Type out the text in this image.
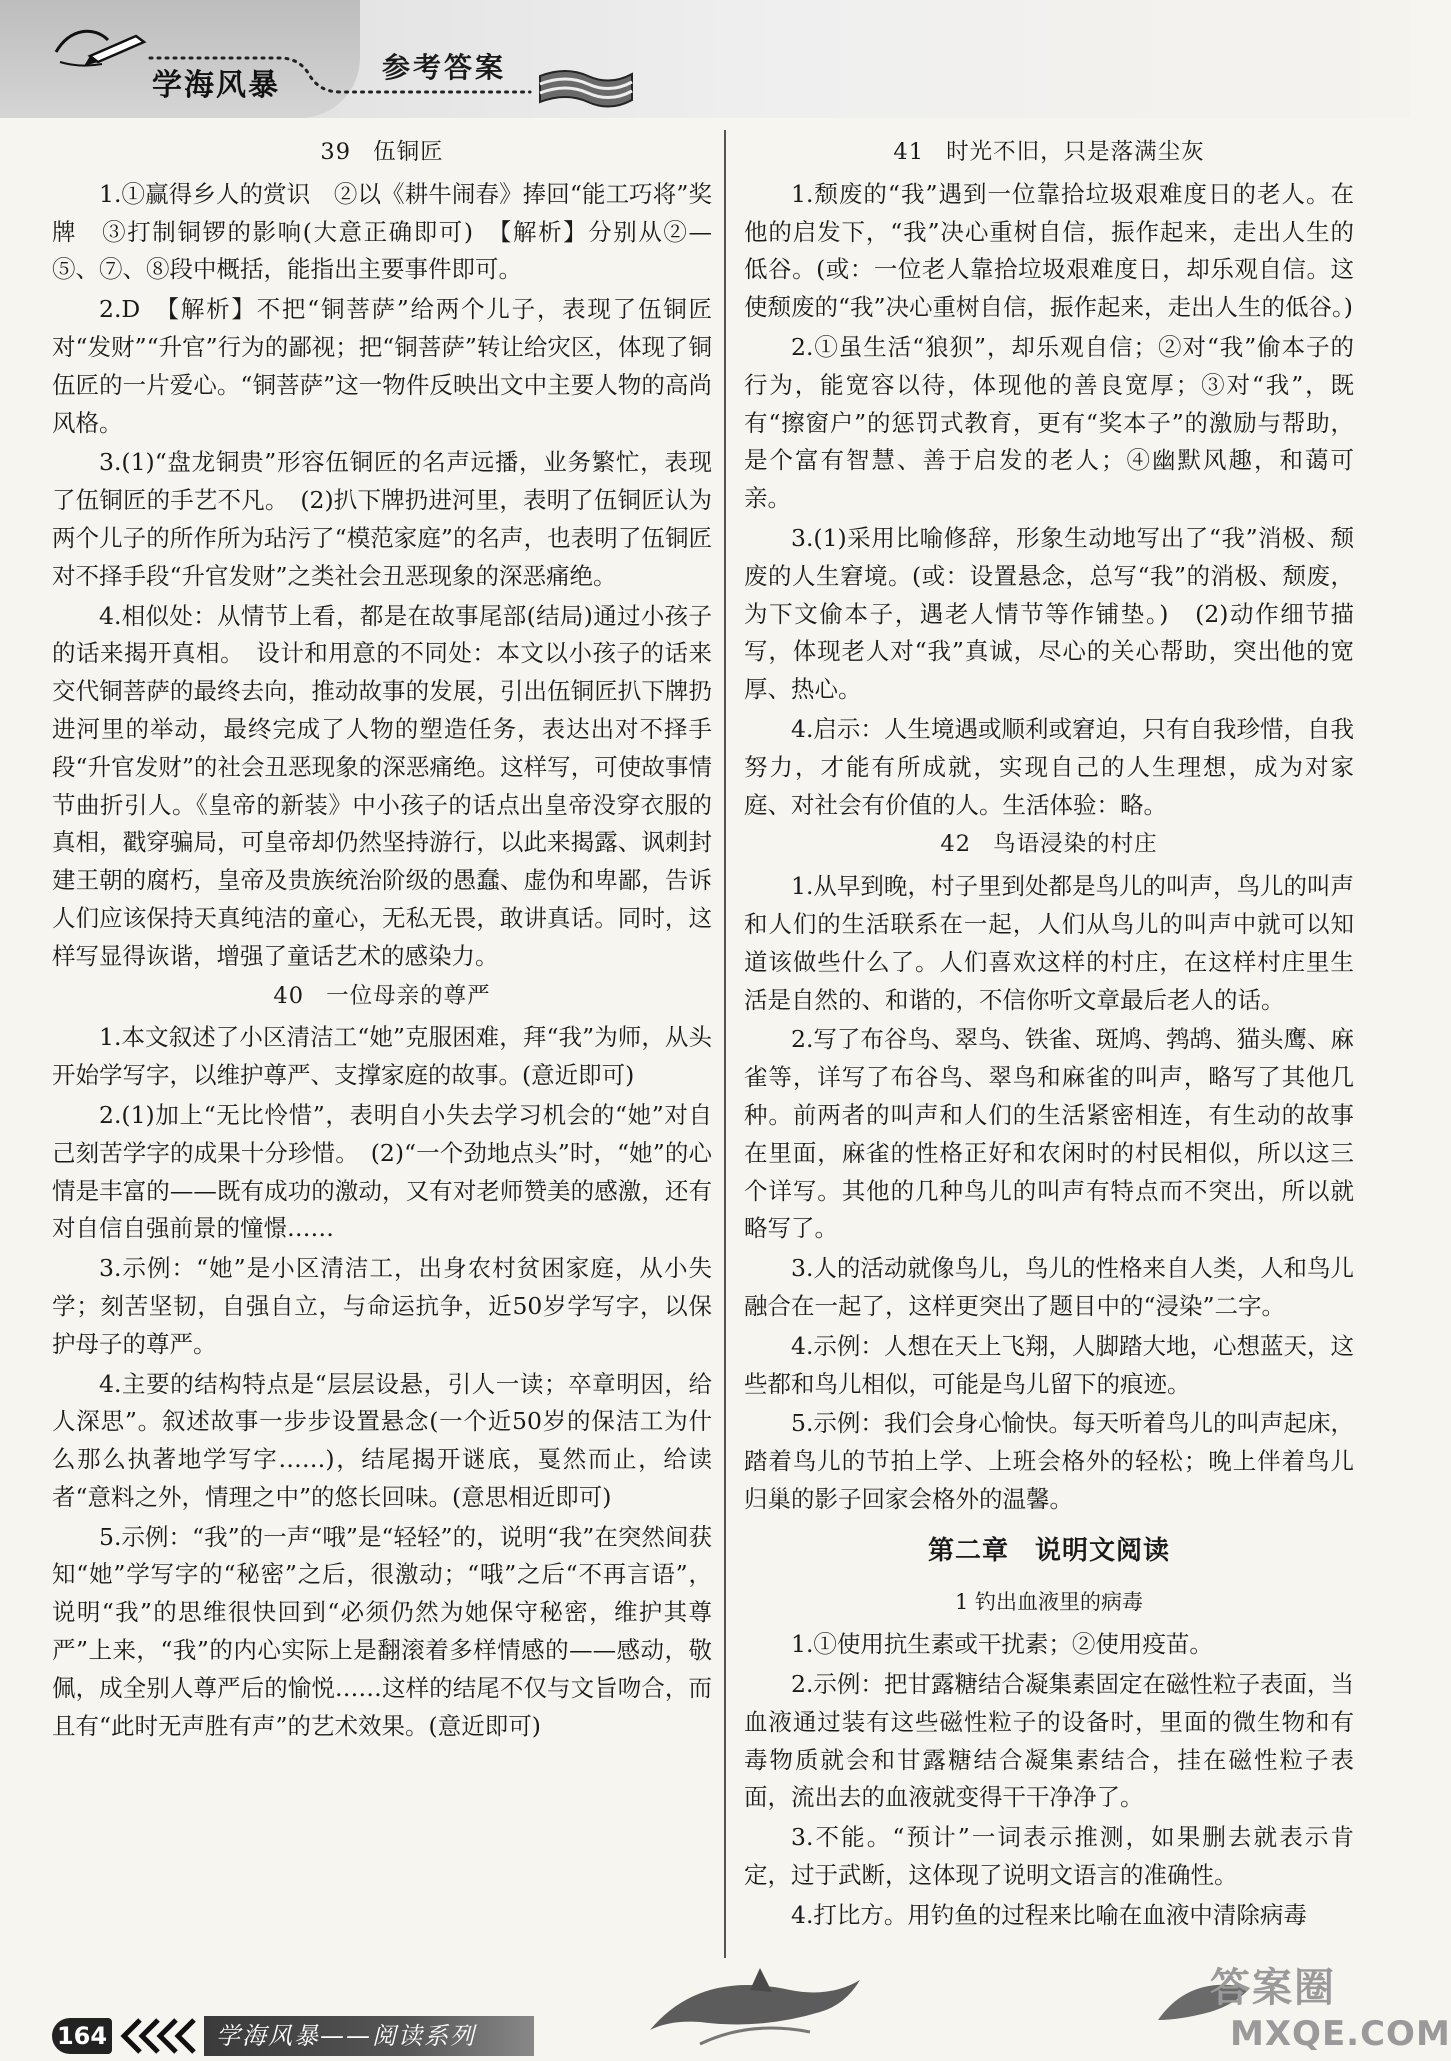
学海风暴
参考答案
39 伍铜匠

1.①赢得乡人的赏识　②以《耕牛闹春》捧回“能工巧将”奖牌　③打制铜锣的影响(大意正确即可)　【解析】分别从②—⑤、⑦、⑧段中概括，能指出主要事件即可。

2.D　【解析】不把“铜菩萨”给两个儿子，表现了伍铜匠对“发财”“升官”行为的鄙视；把“铜菩萨”转让给灾区，体现了铜伍匠的一片爱心。“铜菩萨”这一物件反映出文中主要人物的高尚风格。

3.(1)“盘龙铜贵”形容伍铜匠的名声远播，业务繁忙，表现了伍铜匠的手艺不凡。　(2)扒下牌扔进河里，表明了伍铜匠认为两个儿子的所作所为玷污了“模范家庭”的名声，也表明了伍铜匠对不择手段“升官发财”之类社会丑恶现象的深恶痛绝。

4.相似处：从情节上看，都是在故事尾部(结局)通过小孩子的话来揭开真相。　设计和用意的不同处：本文以小孩子的话来交代铜菩萨的最终去向，推动故事的发展，引出伍铜匠扒下牌扔进河里的举动，最终完成了人物的塑造任务，表达出对不择手段“升官发财”的社会丑恶现象的深恶痛绝。这样写，可使故事情节曲折引人。《皇帝的新装》中小孩子的话点出皇帝没穿衣服的真相，戳穿骗局，可皇帝却仍然坚持游行，以此来揭露、讽刺封建王朝的腐朽，皇帝及贵族统治阶级的愚蠢、虚伪和卑鄙，告诉人们应该保持天真纯洁的童心，无私无畏，敢讲真话。同时，这样写显得诙谐，增强了童话艺术的感染力。

40 一位母亲的尊严

1.本文叙述了小区清洁工“她”克服困难，拜“我”为师，从头开始学写字，以维护尊严、支撑家庭的故事。(意近即可)

2.(1)加上“无比怜惜”，表明自小失去学习机会的“她”对自己刻苦学字的成果十分珍惜。　(2)“一个劲地点头”时，“她”的心情是丰富的——既有成功的激动，又有对老师赞美的感激，还有对自信自强前景的憧憬……

3.示例：“她”是小区清洁工，出身农村贫困家庭，从小失学；刻苦坚韧，自强自立，与命运抗争，近50岁学写字，以保护母子的尊严。

4.主要的结构特点是“层层设悬，引人一读；卒章明因，给人深思”。叙述故事一步步设置悬念(一个近50岁的保洁工为什么那么执著地学写字……)，结尾揭开谜底，戛然而止，给读者“意料之外，情理之中”的悠长回味。(意思相近即可)

5.示例：“我”的一声“哦”是“轻轻”的，说明“我”在突然间获知“她”学写字的“秘密”之后，很激动；“哦”之后“不再言语”，说明“我”的思维很快回到“必须仍然为她保守秘密，维护其尊严”上来，“我”的内心实际上是翻滚着多样情感的——感动，敬佩，成全别人尊严后的愉悦……这样的结尾不仅与文旨吻合，而且有“此时无声胜有声”的艺术效果。(意近即可)

41 时光不旧，只是落满尘灰

1.颓废的“我”遇到一位靠拾垃圾艰难度日的老人。在他的启发下，“我”决心重树自信，振作起来，走出人生的低谷。(或：一位老人靠拾垃圾艰难度日，却乐观自信。这使颓废的“我”决心重树自信，振作起来，走出人生的低谷。)

2.①虽生活“狼狈”，却乐观自信；②对“我”偷本子的行为，能宽容以待，体现他的善良宽厚；③对“我”，既有“擦窗户”的惩罚式教育，更有“奖本子”的激励与帮助，是个富有智慧、善于启发的老人；④幽默风趣，和蔼可亲。

3.(1)采用比喻修辞，形象生动地写出了“我”消极、颓废的人生窘境。(或：设置悬念，总写“我”的消极、颓废，为下文偷本子，遇老人情节等作铺垫。)　(2)动作细节描写，体现老人对“我”真诚，尽心的关心帮助，突出他的宽厚、热心。

4.启示：人生境遇或顺利或窘迫，只有自我珍惜，自我努力，才能有所成就，实现自己的人生理想，成为对家庭、对社会有价值的人。生活体验：略。

42 鸟语浸染的村庄

1.从早到晚，村子里到处都是鸟儿的叫声，鸟儿的叫声和人们的生活联系在一起，人们从鸟儿的叫声中就可以知道该做些什么了。人们喜欢这样的村庄，在这样村庄里生活是自然的、和谐的，不信你听文章最后老人的话。

2.写了布谷鸟、翠鸟、铁雀、斑鸠、鹁鸪、猫头鹰、麻雀等，详写了布谷鸟、翠鸟和麻雀的叫声，略写了其他几种。前两者的叫声和人们的生活紧密相连，有生动的故事在里面，麻雀的性格正好和农闲时的村民相似，所以这三个详写。其他的几种鸟儿的叫声有特点而不突出，所以就略写了。

3.人的活动就像鸟儿，鸟儿的性格来自人类，人和鸟儿融合在一起了，这样更突出了题目中的“浸染”二字。

4.示例：人想在天上飞翔，人脚踏大地，心想蓝天，这些都和鸟儿相似，可能是鸟儿留下的痕迹。

5.示例：我们会身心愉快。每天听着鸟儿的叫声起床，踏着鸟儿的节拍上学、上班会格外的轻松；晚上伴着鸟儿归巢的影子回家会格外的温馨。

第二章 说明文阅读
1 钓出血液里的病毒

1.①使用抗生素或干扰素；②使用疫苗。

2.示例：把甘露糖结合凝集素固定在磁性粒子表面，当血液通过装有这些磁性粒子的设备时，里面的微生物和有毒物质就会和甘露糖结合凝集素结合，挂在磁性粒子表面，流出去的血液就变得干干净净了。

3.不能。“预计”一词表示推测，如果删去就表示肯定，过于武断，这体现了说明文语言的准确性。

4.打比方。用钓鱼的过程来比喻在血液中清除病毒

164	学海风暴——阅读系列
答案圈
MXQE.COM
